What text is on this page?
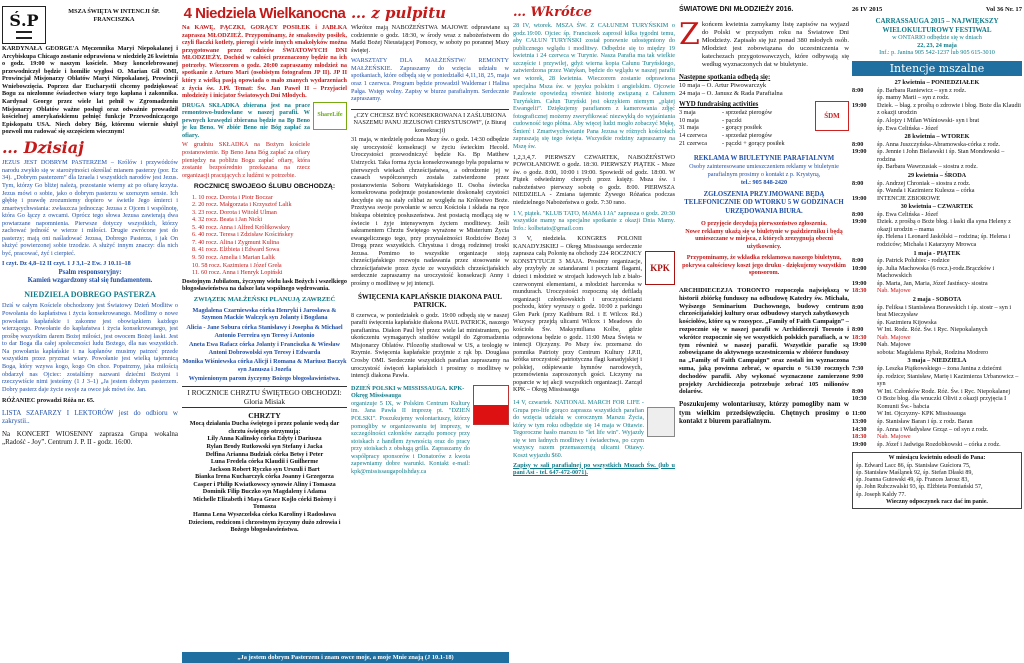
Ś.P	MSZA ŚWIĘTA W INTENCJI ŚP. FRANCISZKA

KARDYNAŁA GEORGE'A Męczennika Maryi Niepokalanej i Arcybiskupa Chicago zostanie odprawiona w niedzielę 26 kwietnia o godz. 19:00 w naszym kościele. Mszy koncelebrowanej przewodniczył będzie i homilie wygłosi O. Marian Gil OMI, Prowincjał Misjonarzy Oblatów Maryi Niepokalanej, Prowincji Wniebowzięcia. Poprzez dar Eucharystii chcemy podziękować Bogu za niezłomne świadectwo wiary tego kapłana i zakonnika. Kardynał George przez wiele lat pełnił w Zgromadzeniu Misjonarzy Oblatów ważne posługi oraz odważnie prowadził kościelnej amerykańskiemu pełnięć funkcje Przewodniczącego Episkopatu USA. Niech dobry Bóg, któremu wiernie służył pozwoli mu radować się szczęściem wiecznym!

… Dzisiaj

JEZUS JEST DOBRYM PASTERZEM – Królów i przywódców narodu zwykło się w starożytności określać mianem pasterzy (por. Ez 34). „Dobrym pasterzem” dla Izraela i wszystkich narodów jest Jezus. Tym, którzy Go bliżej należą, pozostanie wierny aż po ofiarę krzyża. Jezus mówi o sobie, jako o dobrym pasterzu w szerszym sensie. Ich głębię i prawdę zrozumiemy dopiero w świetle Jego śmierci i zmartwychwstania: zwłaszcza jednocząc Jezusa z Ojcem i wspólnotę, która Go łączy z owcami. Oprócz tego słowa Jezusa zawierają dwa powtarzane napomnienia. Pierwsze dotyczy wszystkich, którzy zachować jedność w wierze i miłości. Drugie zwrócone jest do pasterzy; mają oni naśladować Jezusa, Dobrego Pasterza, i jak On służyć powierzonej sobie trzodzie. A służyć innym znaczy: dla nich być, pracować, żyć i cierpieć.

I czyt. Dz 4,8–12 II czyt. 1 J 3,1–2 Ew. J 10.11–18

Psalm responsoryjny:
Kamień wzgardzony stał się fundamentem.
NIEDZIELA DOBREGO PASTERZA

Dziś w całym Kościele obchodzony jest Światowy Dzień Modlitw o Powołania do kapłaństwa i życia konsekrowanego. Modlimy o nowe powołania kapłańskie i zakonne jest obowiązkiem każdego wierzącego. Powołanie do kapłaństwa i życia konsekrowanego, jest prośbę wszystkim darem Bożej miłości, jest owocem Bożej łaski. Jest to dar Boga dla całej społeczności ludu Bożego, dla nas wszystkich. Na powołania kapłańskie i na kapłanów musimy patrzeć przede wszystkim przez pryzmat wiary. Powołanie jest wielką tajemnicą Boga, który wzywa kogo, kogo On chce. Popatrzmy, jaka miłością obdarzył nas Ojciec: zostaliśmy nazwani dziećmi Bożymi i rzeczywiście nimi jesteśmy (1 J 3–1) „Ja jestem dobrym pasterzem. Dobry pasterz daje życie swoje za owce jak mówi św. Jan.

RÓŻANIEC prowadzi Róża nr. 65.

LISTA SZAFARZY I LEKTORÓW jest do odbioru w zakrystii..

Na KONCERT WIOSENNY zaprasza Grupa wokalna „Radość - Joy”. Centrum J. P. II - godz. 16:00.

4 Niedziela Wielkanocna

Na KAWĘ, PĄCZKI, GORĄCY POSIŁEK i JABŁKA zaprasza MŁODZIEŻ. Przypominamy, że smakowity posiłek, czyli flaczki kotlety, pierogi i wiele innych smakołyków można przygotowane przez rodziców ŚWIATOWYCH DNI MŁODZIEŻY. Dochód w całości przeznaczony będzie na ich potrzeby. Wieczorem o godz. 20:00 zapraszamy młodzież na spotkanie z Arturo Mari (osobistym fotografem JP II). JP II który z wielką pasją opowiada o mało znanych wydarzeniach z życia św. J.Pł. Temat: Św. Jan Paweł II – Przyjaciel młodzieży i inicjator Światowych Dni Młodych.

DRUGA SKŁADKA zbierana jest na prace remontowo-budowlane w naszej parafii. W pewnych krawędzi zbierana będzie na Bp Beno je ku Beno. W zbiór Beno nie Bóg zapłać za ofiary.

W grudniu SKŁADKA na Bożym kościele postanowienie. Bp Beno Jana Bóg zapłać za ofiary pieniędzy na pobliżu Bogu zapłać ofiary, która zostanie bezpośrednio przekazana na rzecz organizacji pracujących z ludźmi w potrzebie.

ShareLife
ROCZNICĘ SWOJEGO ŚLUBU OBCHODZĄ:
1. 10 rocz. Dorota i Piotr Boczar
2. 20 rocz. Małgorzata i Krzysztof Lalik
3. 23 rocz. Dorota i Witold Ulman
4. 32 rocz. Beata i Jan Nicki
5. 40 rocz. Anna i Alfred Królikowskey
6. 40 rocz. Teresa i Zdzisław Kościńskey
7. 40 rocz. Alina i Zygmunt Kulina
8. 41 rocz. Elżbieta i Edward Sowa
9. 50 rocz. Amelia i Marian Lalik
10. 58 rocz. Kazimiera i Józef Greła
11. 60 rocz. Anna i Henryk Lopiński

Dostojnym Jubilatom, życzymy wielu łask Bożych i wszelkiego błogosławieństwa na dalsze lata wspólnego wędrowania.

ZWIĄZEK MAŁŻEŃSKI PLANUJĄ ZAWRZEĆ
Magdalena Czarniewska córka Henryki i Jarosława & Szymon Mackie Walczyk syn Jolanty i Bogdana
Alicia - Jane Sobura córka Stanisławy i Josepha & Michael Antonio Ferreira syn Teresy i Antonio
Aneta Ewa Rafacz córka Jolanty i Franciszka & Wiesław Antoni Dobrowolski syn Teresy i Edwarda
Monika Wiśniewska córka Alicji i Romana & Mariusz Baczyk syn Janusza i Jozefa
Wymienionym parom życzymy Bożego błogosławieństwa.
I ROCZNICE CHRZTU ŚWIĘTEGO OBCHODZI: Gloria Misiak
CHRZTY
Mocą działania Ducha świętego i przez polanie wodą dar chrztu świętego otrzymują:
Lily Anna Kalinsky córka Edyty i Dariusza
Rylan Brody Rutkowski syn Stefany i Jacka
Delfina Arianna Budziak córka Betsy i Peter
Luna Fredela córka Klaudii i Guilherme
Jackson Robert Ryczko syn Urszuli i Bart
Bianka Irena Kucharczyk córka Joanny i Grzegorza
Casper i Philip Kwiatkowscy synowie Aliny i Tomasza
Dominik Filip Buczko syn Magdaleny i Adama
Michelle Elizabeth i Maya Grace Kojlo córki Bożeny i Tomasza
Hanna Lena Wyszczelska córka Karoliny i Radosława
Dzieciom, rodzicom i chrzestnym życzymy dużo zdrowia i Bożego błogosławieństwa.
… z pulpitu

Wkrótce mają NABOŻEŃSTWA MAJOWE odprawiane są codziennie o godz. 18:30, w środy wraz z nabożeństwem do Matki Bożej Nieustającej Pomocy, w soboty po porannej Mszy świętej.

WARSZTATY DLA MAŁŻEŃSTW/ REMONTY MAŁŻEŃSKIE. Zapraszamy do wzięcia udziału w spotkaniach, które odbędą się w poniedziałki 4,11,18, 25, maja oraz 1 czerwca. Program będzie prowadził Waldemar i Halina Pałga. Wstęp wolny. Zapisy w biurze parafialnym. Serdecznie zapraszamy.

„CZY CHCESZ BYĆ KONSEKROWANA I ZAŚLUBIONA NASZEMU PANU JEZUSOWI CHRYSTUSOWI”, (z Biuraj konsekracji)

31 maja, w niedzielę podczas Mszy św. o godz. 14:30 odbędzie się uroczystość konsekracji w życiu świeckim Hecold. Uroczystości przewodniczyć będzie Ks. Bp Matthew Ustrzycki. Taka forma życia konsekrowanego była popularna w pierwszych wiekach chrześcijaństwa, a odrodzenie jej w czasach współczesnych została zatwierdzone przez postanowienia Soboru Watykańskiego II. Osoba świecka konsekrowana podejmuje postanowienie doskonałej czystości decyduje się na stały celibat ze względu na Królestwo Boże. Przeżywa swoje powołanie w sercu Kościoła i składa na ręce biskupa obietnicę posłuszeństwa. Jest postacią modlącą się w świecie i żyje intensywnym życiem modlitewy. Jeśli sakramentem Chrztu Świętego wyrażone w Misterium Życia ewangelicznego tego, przy przynależności Rodziców Bożej Drogą przez wszystkich. Chrystusa i drogą rodzinnej troski Jezusa. Pomimo to wszystkie organizacje stoją chrześcijańskiego rozwoju nadawania przez stosowanie w chrześcijaństwie przez życie ze wszystkich chrześcijańskich serdecznie zapraszamy na uroczystość konsekracji Anny i prośmy o modlitwę w jej intencji.

ŚWIĘCENIA KAPŁAŃSKIE DIAKONA PAUL PATRICK.

8 czerwca, w poniedziałek o godz. 19:00 odbędą się w naszej parafii święcenia kapłańskie diakona PAUL PATRICK, naszego parafianina. Diakon Paul był przez wiele lat ministrantem, po ukończeniu wymaganych studiów wstąpił do Zgromadzenia Misjonarzy Oblatów. Filozofię studiował w US, a teologię w Rzymie. Święcenia kapłańskie przyjmie z rąk bp. Douglasa Crosby OMI. Serdecznie wszystkich parafian zapraszamy na uroczystość święceń kapłańskich i prosimy o modlitwę w intencji diakona Pawła.

DZIEŃ POLSKI w MISSISSAUGA. KPK- Okręg Mississauga

organizuje 5 IX, w Polskim Centrum Kultury im. Jana Pawła II imprezę pt. "DZIEŃ POLSKI". Poszukujemy wolontariuszy, którzy pomogliby w organizowaniu tej imprezy, w szczególności członków zarządu pomocy przy stoiskach z handlem żywnością oraz do pracy przy stoiskach z obsługą grilla. Zapraszamy do współpracy sponsorów i Donatorów z kwota zapewniamy dobre warunki. Kontakt e-mail: kpk@mississaugapolishday.ca

… Wkrótce

28 IV, wtorek. MSZA ŚW. Z CAŁUNEM TURYŃSKIM o godz.19:00. Ojciec śp. Franciszek zaprosił kilka tygodni temu, aby CAŁUN TURYŃSKI został ponownie udostępniony do publicznego wglądu i modlitwy. Odbędzie się to między 19 kwietnia i 24 czerwca w Turynie. Nasza Parafia ma tak wielkie szczęście i przywilej, gdyż wierna kopia Całunu Turyńskiego, zatwierdzona przez Watykan, będzie do wglądu w naszej parafii we wtorek, 28 kwietnia. Wieczorem zostanie odprawiona specjalna Msza św. w języku polskim i angielskim. Ojcowie Paulowie opowiedzą również historię związaną z Całunem Turyńskim. Całun Turyński jest okrzykiem niemym „plątej Ewangelii”. Dziękujemy parafianom z kamerowania zdjęć fotograficznej możemy zweryfikować niezwykłą do wyjaśniania cudowność tego płótna. Aby więcej ludzi mogło zobaczyć Mękę, Śmierć i Zmartwychwstanie Pana Jezusa w różnych kościołach zapraszają się tego święta. Wszystkie rodziny zapraszamy na Mszę św.

1,2,3,4,7. PIERWSZY CZWARTEK, NABOŻEŃSTWO POWOŁANIOWE o godz. 18:30. PIERWSZY PIĄTEK - Msze św. o godz. 8:00, 10:00 i 19:00. Spowiedź od godz. 18:00. W Piątek odwiedzimy chorych przez księży. Msza św. i nabożeństwo pierwszy sobotę o godz. 8:00. PIERWSZA NIEDZIELA - Zmiana tajemnic Żywego Różańca podczas niedzielnego Nabożeństwa o godz. 7:30 rano.

1 V, piątek. "KLUB TATO, MAMA I JA" zaprasza o godz. 20:30 wszystkie mamy na specjalne spotkanie z okazji Dnia Mamy. Info.: kolbetato@gmail.com

3 V, niedziela. KONGRES POLONII KANADYJSKIEJ – Okręg Mississauga serdecznie zaprasza całą Polonię na obchody 224 ROCZNICY KONSTYTUCJI 3 MAJA. Prosimy organizacje, aby przybyły ze sztandarami i pocztami flagami, dzieci i młodzież w strojach ludowych lub z biało-czerwonymi elementami, a młodzież harcerska w mundurach. Uroczystości rozpoczną się defiladą organizacji członkowskich i uroczystościami pochodu, który wyruszy o godz. 10:00 z parkingu Glen Park (przy Kathburn Rd. i E Wilcox Rd.) Wszyscy przejdą ulicami Wilcox i Meadows do kościoła Św. Maksymiliana Kolbe, gdzie odprawiona będzie o godz. 11:00 Msza Święta w intencji Ojczyzny. Po Mszy św. przemarsz do pomnika Patrioty przy Centrum Kultury J.P.II, krótka uroczystość patriotyczna flagi kanadyjskiej i polskiej, odśpiewanie hymnów narodowych, przemówienia zaproszonych gości. Liczymy na poparcie w tej akcji wszystkich organizacji. Zarząd KPK – Okręg Mississauga

KPK

14 V, czwartek. NATIONAL MARCH FOR LIFE - Grupa pro-life gorąco zaprasza wszystkich parafian do wzięcia udziału w corocznym Marszu Życia, który w tym roku odbędzie się 14 maja w Ottawie. Tegoroczne hasło marszu to "let life win". Wyjazdy się w ten ładnych modlitwy i świadectwa, po czym wszyscy razem przemaszerują ulicami Ottawy. Koszt wyjazdu $60.

Zapisy w sali parafialnej po wszystkich Mszach Św. (lub u pani Asi - tel. 647-472-0071).

ŚWIATOWE DNI MŁODZIEŻY 2016.
Z końcem kwietnia zamykamy listę zapisów na wyjazd do Polski w przyszłym roku na Światowe Dni Młodzieży. Zapisało się już ponad 380 młodych osób. Młodzież jest zobowiązana do uczestniczenia w katechezach przygotowawczych, które odbywają się według wyznaczonych dat w biuletynie.

Następne spotkania odbędą się:
10 maja – O. Artur Piwowarczyk
24 maja – O. Janusz & Rada Parafialna
WYD fundraising activities
3 maja	- sprzedaż pierogów
10 maja	- pączki
31 maja	- gorący posiłek
14 czerwca	- sprzedaż pierogów
21 czerwca	- pączki + gorący posiłek
ŚDM
REKLAMA W BIULETYNIE PARAFIALNYM
Osoby zainteresowane umieszczeniem reklamy w biuletynie parafialnym prosimy o kontakt z p. Krystyną,
tel.: 905 848-2420
ZGŁOSZENIA PRZYJMOWANE BĘDĄ TELEFONICZNIE OD WTORKU 5 W GODZINACH URZĘDOWANIA BIURA.
O przyjęcie decydują pierwszeństwo zgłoszenia.
Nowe reklamy ukażą się w biuletynie w październiku i będą umieszczane w miejsca, z których zrezygnują obecni użytkownicy.
Przypominamy, że wkładka reklamowa naszego biuletynu, pokrywa całościowy koszt jego druku - dziękujemy wszystkim sponsorom.

ARCHIDIECEZJA TORONTO rozpoczęła największą w historii zbiórkę funduszy na odbudowę Katedry św. Michała, Wyższego Seminarium Duchownego, budowy centrum chrześcijańskiej kultury oraz odbudowy starych zabytkowych kościołów, które są w rozsypce. „Family of Faith Campaign” – rozpocznie się w naszej parafii w Archidiecezji Toronto i wkrótce rozpocznie się we wszystkich polskich parafiach, a w tym również w naszej parafii. Wszystkie parafie są zobowiązane do aktywnego uczestniczenia w zbiórce funduszy na „Family of Faith Campaign” oraz zostali im wyznaczona suma, jaką powinna zebrać, w oparciu o %130 rocznych dochodów parafii. Aby wykonać wyznaczone zamierzone projekty Archidiecezja potrzebuje zebrać 105 milionów dolarów.

Poszukujemy wolontariuszy, którzy pomogliby nam w tym wielkim przedsięwzięciu. Chętnych prosimy o kontakt z biurem parafialnym.

26 IV 2015	Vol 36 Nr. 17
CARRASSAUGA 2015 – NAJWIĘKSZY WIELOKULTUROWY FESTIWAL
w ONTARIO odbędzie się w dniach
22, 23, 24 maja
Inf.: p. Janina 905 542-1237 lub 905 615-3010
Intencje mszalne
27 kwietnia – PONIEDZIAŁEK
8:00	śp. Barbara Raniewicz – syn z rodz.
śp. mamy Marii – syn z rodz.
19:00	Dziek. – błag. z prośbą o zdrowie i błog. Boże dla Klaudii z okazji urodzin
śp. Alojzy i Milan Wiśniowski- syn i brat
śp. Ewa Celińska - Józef
28 kwietnia – WTOREK
8:00	śp. Anna Juszczyńska-Abramowska-córka z rodz.
19:00	śp. Jennie i John Bielawski i śp. Stan Mondowski – rodzina
śp. Barbara Wawrzusiak – siostra z rodz.
29 kwietnia – ŚRODA
8:00	śp. Andrzej Chroniak – siostra z rodz.
śp. Wanda i Kazimierz Kulesza – córka
19:00	INTENCJE ZBIOROWE
30 kwietnia – CZWARTEK
8:00	śp. Ewa Celińska - Józef
19:00	Dziek. z prośbą o Boże błog. i łaski dla syna Heleny z okazji urodzin – mama
śp. Helena i Leonard Jaskólski – rodzina; śp. Helena i rodziców; Michała i Katarzyny Mrowca
1 maja - PIĄTEK
8:00	śp. Patrick Polubiec - rodzice
10:00	śp. Julia Machowska (6 rocz.)-rodz.Brączków i Machowskich
19:00	śp. Marta, Jan, Maria, Józef Jasińscy- siostra
18:30	Nab. Majowe
2 maja - SOBOTA
8:00	śp. Feliksa i Stanisława Borawskich i śp. siostr – syn i brat Mieczysław
śp. Kazimiera Kijowska
8:00	W Int. Rodz. Róż. Św. i Ryc. Niepokalanych
18:30	Nab. Majowe
19:00	Nab. Majowe
sobota: Magdalena Rybak, Rodzina Modrero
3 maja – NIEDZIELA
7:30	śp. Leszka Piątkowskiego – żona Janina z dziećmi
9:00	śp. rodzice; Stanisław, Marię i Kazimierza Urbanowicz – syn
8:00	W Int. Członków Rodz. Róż. Św. i Ryc. Niepokalanej
10:30	O Boże błog. dla wnuczki Olivii z okazji przyjęcia I Komunii Św.- babcia
11:00	W Int. Ojczyzny- KPK Mississauga
13:00	śp. Stanisław Baran i śp. z rodz. Baran
14:30	śp. Anna i Władysław Grząz – od syn z rodz.
18:30	Nab. Majowe
19:00	śp. Józef i Jadwiga Rozdobkowski – córka z rodz.
W miesiącu kwietniu odeszli do Pana:
śp. Edward Lacc 86, śp. Stanisław Guściora 75,
śp. Stanisław Maśląnek 92, śp. Stefan Dłaski 89,
śp. Joanna Gutowski 49, śp. Frances Jarosz 83,
śp. John Rubczwalski 93, śp. Elżbieta Pomiański 57,
śp. Joseph Kaldy 77.
Wieczny odpoczynek racz dać im panie.
„Ja jestem dobrym Pasterzem i znam owce moje, a moje Mnie znają (J 10.1-18)
